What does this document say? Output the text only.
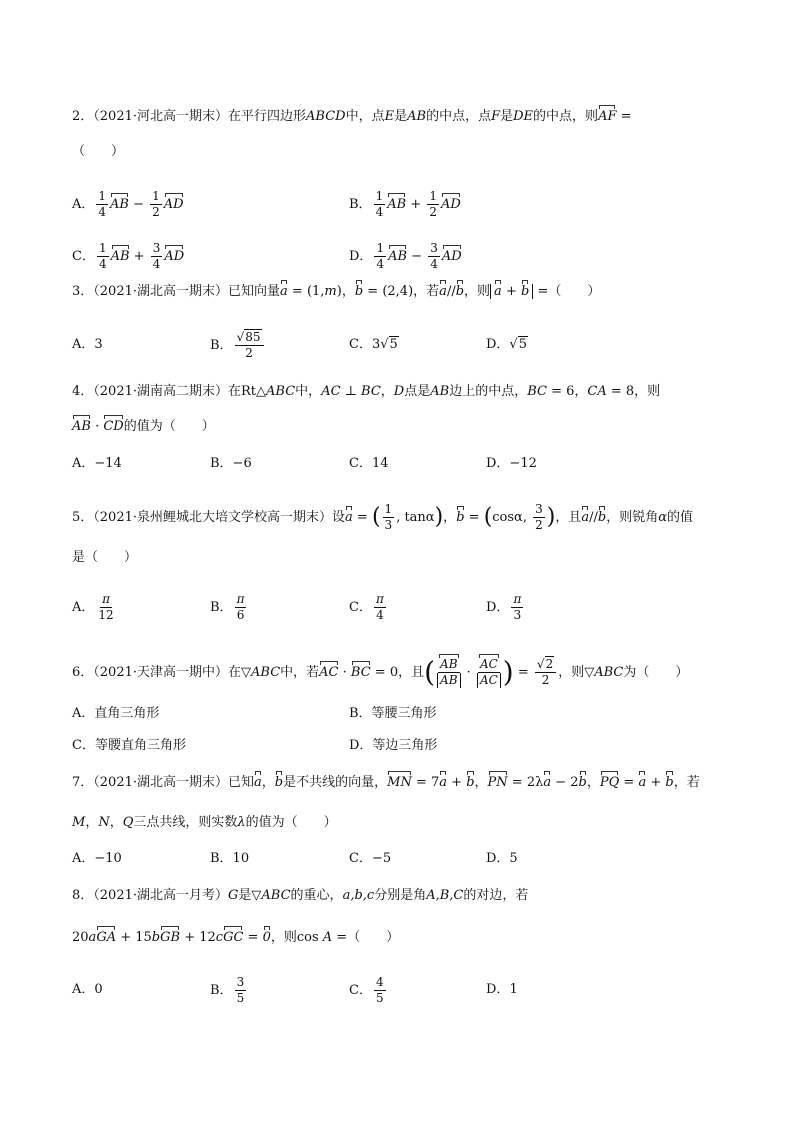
2．（2021·河北高一期末）在平行四边形ABCD中，点E是AB的中点，点F是DE的中点，则AF =
（　　）
A． $\frac{1}{4}$ AB − $\frac{1}{2}$ AD	B． $\frac{1}{4}$ AB + $\frac{1}{2}$ AD
C． $\frac{1}{4}$ AB + $\frac{3}{4}$ AD	D． $\frac{1}{4}$ AB − $\frac{3}{4}$ AD
3．（2021·湖北高一期末）已知向量a = (1,m)，b = (2,4)，若a//b，则 a + b =（　　）
A．3	B． $\frac{√85}{2}$	C．3√5	D．√5
4．（2021·湖南高二期末）在Rt△ABC中，AC ⊥ BC，D点是AB边上的中点，BC = 6，CA = 8，则
AB · CD的值为（　　）
A．−14	B．−6	C．14	D．−12
5．（2021·泉州鲤城北大培文学校高一期末）设a = ( $\frac{1}{3}$ , tanα)，b = (cosα, $\frac{3}{2}$ )，且a//b，则锐角α的值
是（　　）
A． $\frac{\pi}{12}$	B． $\frac{\pi}{6}$	C． $\frac{\pi}{4}$	D． $\frac{\pi}{3}$
6．（2021·天津高一期中）在▽ABC中，若AC · BC = 0，且( $\frac{AB}{AB} \cdot \frac{AC}{AC}$ ) = $\frac{√2}{2}$ ，则▽ABC为（　　）
A．直角三角形	B．等腰三角形
C．等腰直角三角形	D．等边三角形
7．（2021·湖北高一期末）已知a，b是不共线的向量，MN = 7a + b，PN = 2λa − 2b，PQ = a + b，若
M，N，Q三点共线，则实数λ的值为（　　）
A．−10	B．10	C．−5	D．5
8．（2021·湖北高一月考）G是▽ABC的重心，a,b,c分别是角A,B,C的对边，若
20aGA + 15bGB + 12cGC = 0，则cos A =（　　）
A．0	B． $\frac{3}{5}$	C． $\frac{4}{5}$	D．1
